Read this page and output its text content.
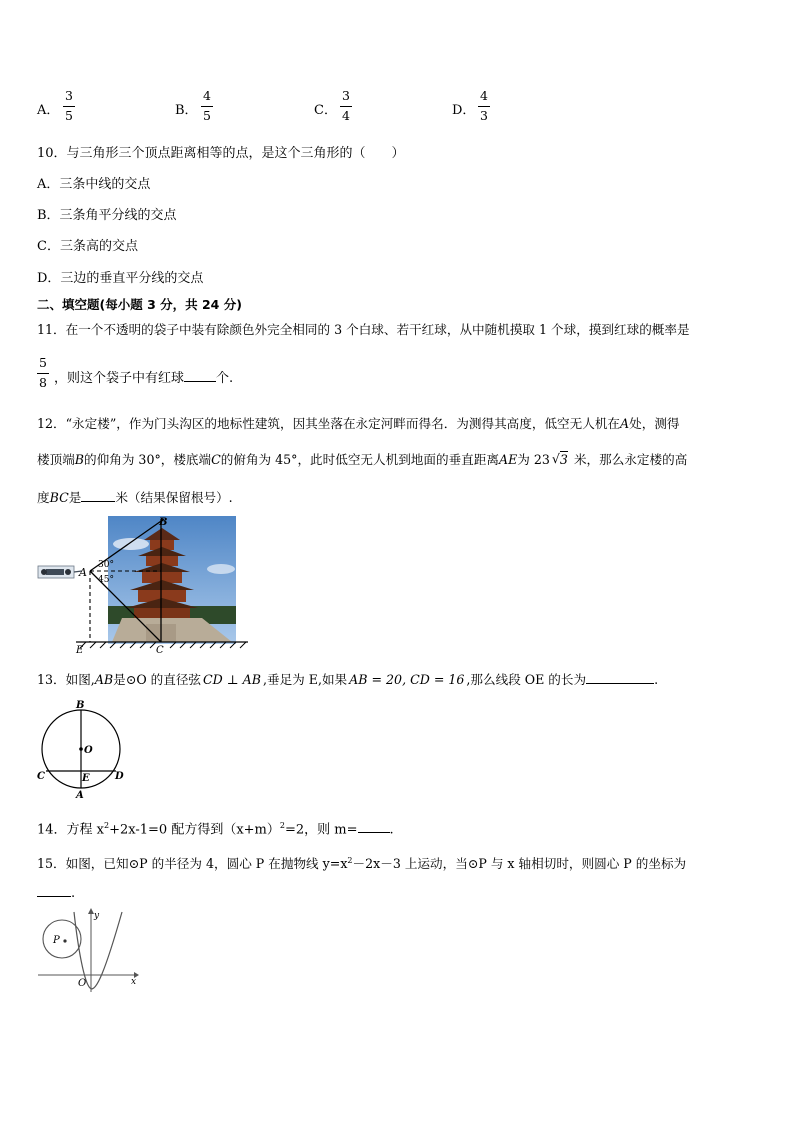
A．
3
5	B．
4
5	C．
3
4	D．
4
3
10．与三角形三个顶点距离相等的点，是这个三角形的（　　）
A．三条中线的交点
B．三条角平分线的交点
C．三条高的交点
D．三边的垂直平分线的交点
二、填空题(每小题 3 分，共 24 分)
11．在一个不透明的袋子中装有除颜色外完全相同的 3 个白球、若干红球，从中随机摸取 1 个球，摸到红球的概率是
5
8 ，则这个袋子中有红球 个.
12．“永定楼”，作为门头沟区的地标性建筑，因其坐落在永定河畔而得名．为测得其高度，低空无人机在A处，测得
楼顶端B的仰角为 30°，楼底端C的俯角为 45°，此时低空无人机到地面的垂直距离AE为 23 √3 米，那么永定楼的高
度BC是	米（结果保留根号）.
A
B
E	C
30°
45°
13．如图,AB是⊙O 的直径弦 CD ⊥ AB ,垂足为 E,如果 AB = 20, CD = 16 ,那么线段 OE 的长为	.
B
O
C	E	D
A
14．方程 $x^2+2x-1=0$ 配方得到$(x+m)^2=2$，则 m= .
15．如图，已知⊙P 的半径为 4，圆心 P 在抛物线 $y=x^2-2x-3$ 上运动，当⊙P 与 x 轴相切时，则圆心 P 的坐标为
.
P
O	x
y
